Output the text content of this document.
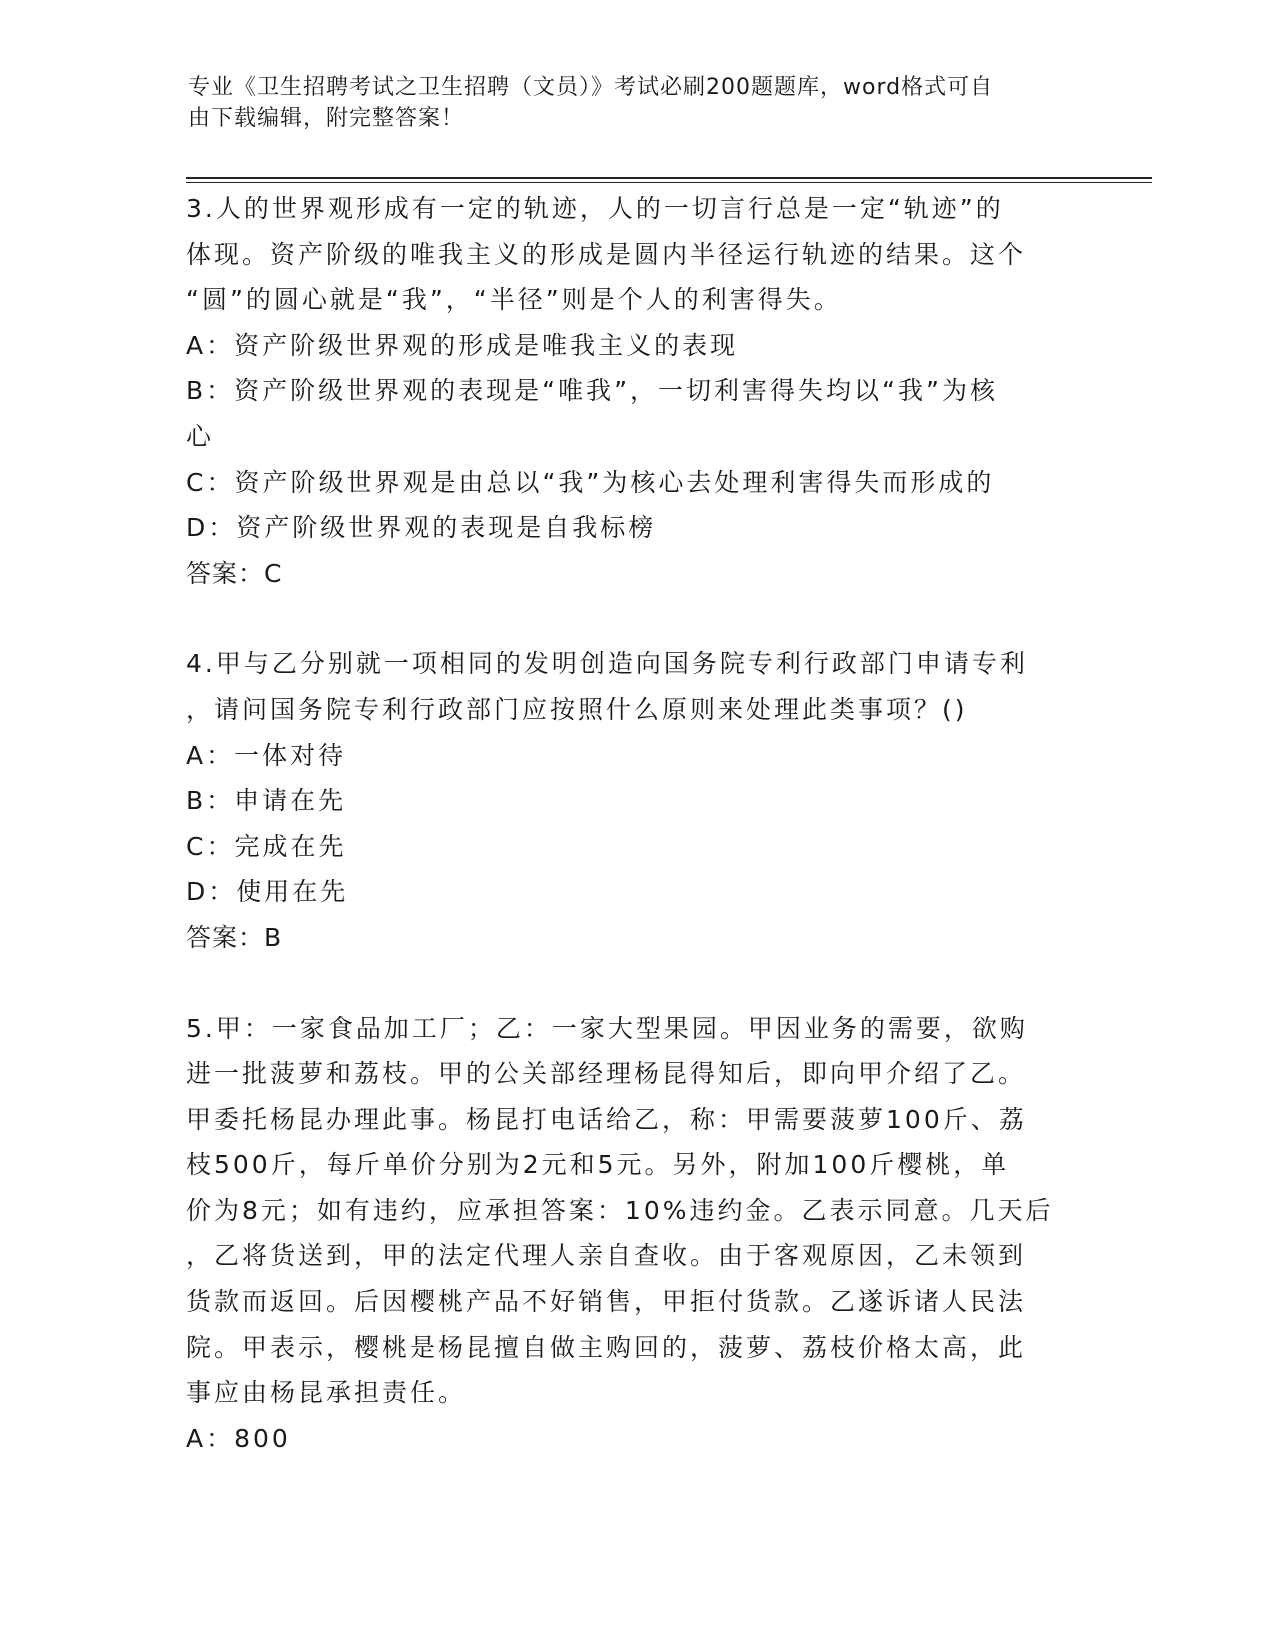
专业《卫生招聘考试之卫生招聘（文员）》考试必刷200题题库，word格式可自
由下载编辑，附完整答案！
3.人的世界观形成有一定的轨迹，人的一切言行总是一定“轨迹”的
体现。资产阶级的唯我主义的形成是圆内半径运行轨迹的结果。这个
“圆”的圆心就是“我”，“半径”则是个人的利害得失。
A：资产阶级世界观的形成是唯我主义的表现
B：资产阶级世界观的表现是“唯我”，一切利害得失均以“我”为核
心
C：资产阶级世界观是由总以“我”为核心去处理利害得失而形成的
D：资产阶级世界观的表现是自我标榜
答案：C
4.甲与乙分别就一项相同的发明创造向国务院专利行政部门申请专利
，请问国务院专利行政部门应按照什么原则来处理此类事项？()
A：一体对待
B：申请在先
C：完成在先
D：使用在先
答案：B
5.甲：一家食品加工厂；乙：一家大型果园。甲因业务的需要，欲购
进一批菠萝和荔枝。甲的公关部经理杨昆得知后，即向甲介绍了乙。
甲委托杨昆办理此事。杨昆打电话给乙，称：甲需要菠萝100斤、荔
枝500斤，每斤单价分别为2元和5元。另外，附加100斤樱桃，单
价为8元；如有违约，应承担答案：10%违约金。乙表示同意。几天后
，乙将货送到，甲的法定代理人亲自查收。由于客观原因，乙未领到
货款而返回。后因樱桃产品不好销售，甲拒付货款。乙遂诉诸人民法
院。甲表示，樱桃是杨昆擅自做主购回的，菠萝、荔枝价格太高，此
事应由杨昆承担责任。
A：800
